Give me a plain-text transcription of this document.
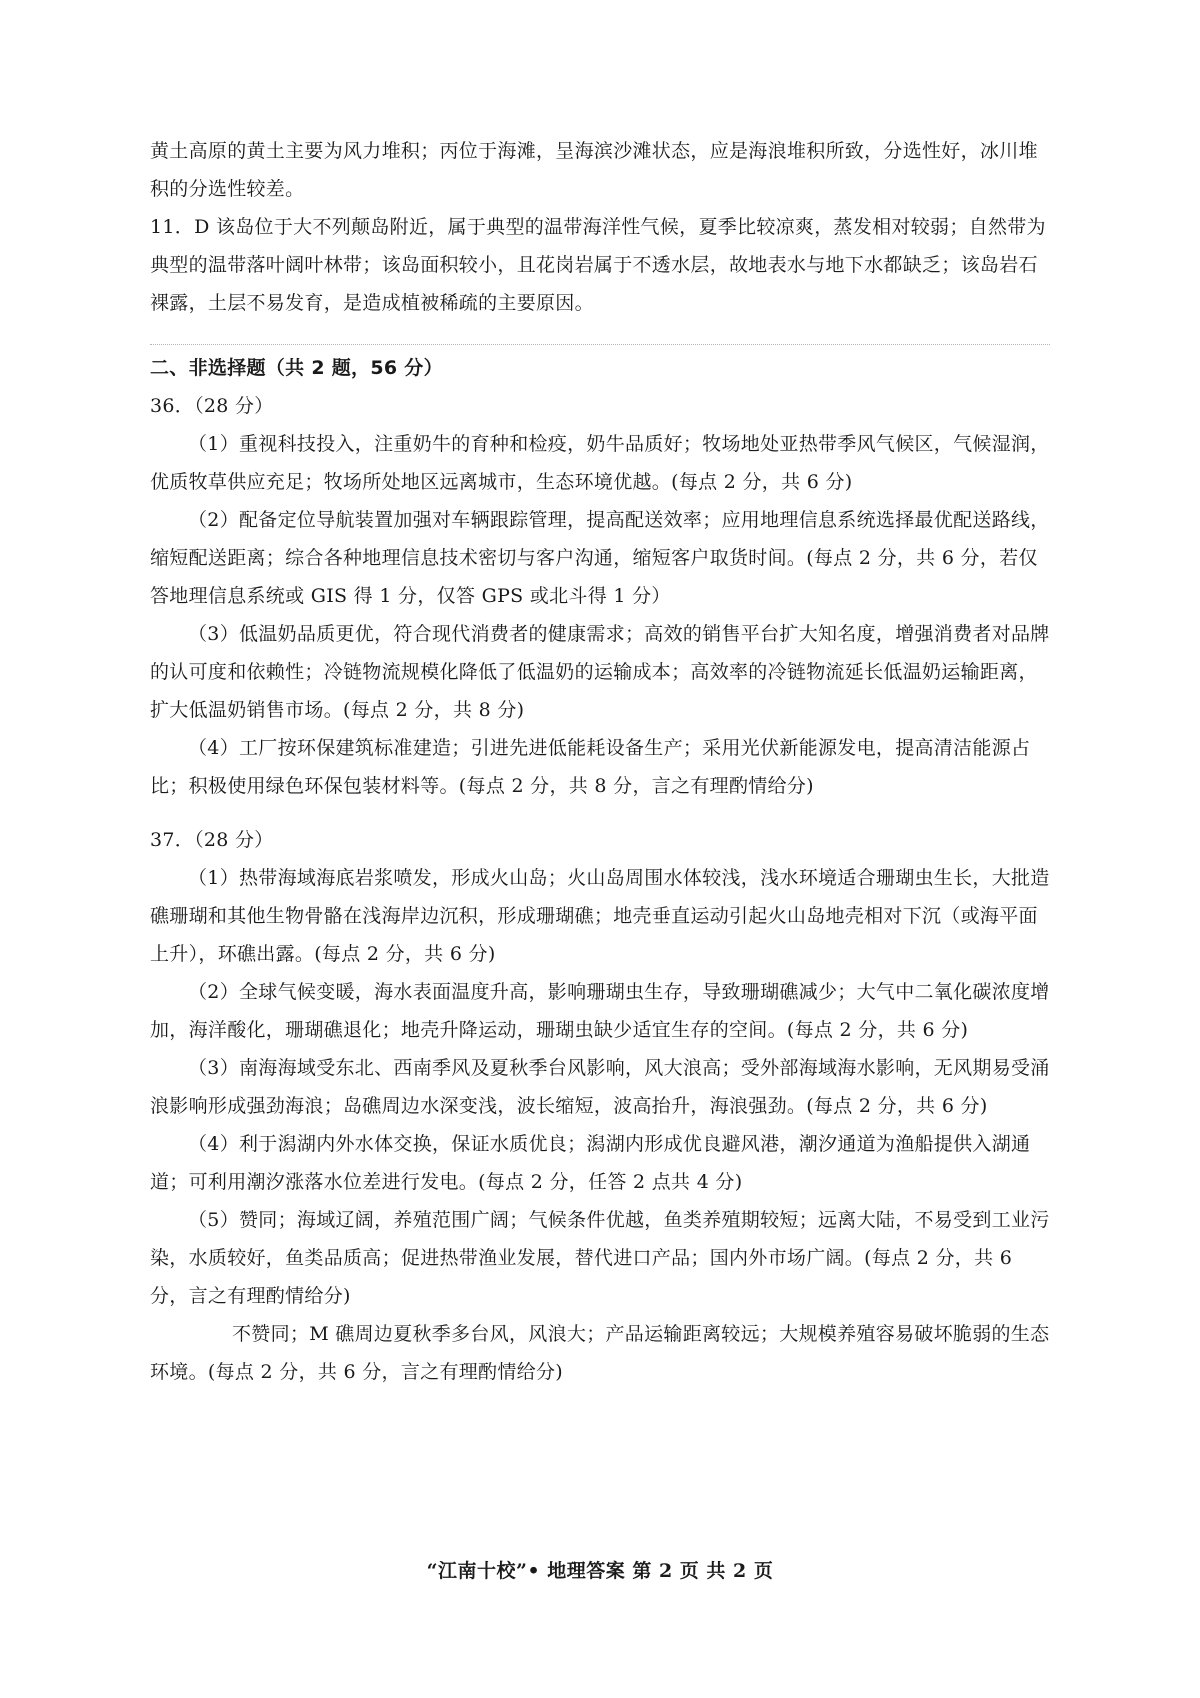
黄土高原的黄土主要为风力堆积；丙位于海滩，呈海滨沙滩状态，应是海浪堆积所致，分选性好，冰川堆积的分选性较差。

11．D 该岛位于大不列颠岛附近，属于典型的温带海洋性气候，夏季比较凉爽，蒸发相对较弱；自然带为典型的温带落叶阔叶林带；该岛面积较小，且花岗岩属于不透水层，故地表水与地下水都缺乏；该岛岩石裸露，土层不易发育，是造成植被稀疏的主要原因。

二、非选择题（共 2 题，56 分）

36．（28 分）

（1）重视科技投入，注重奶牛的育种和检疫，奶牛品质好；牧场地处亚热带季风气候区，气候湿润，优质牧草供应充足；牧场所处地区远离城市，生态环境优越。(每点 2 分，共 6 分)

（2）配备定位导航装置加强对车辆跟踪管理，提高配送效率；应用地理信息系统选择最优配送路线，缩短配送距离；综合各种地理信息技术密切与客户沟通，缩短客户取货时间。(每点 2 分，共 6 分，若仅答地理信息系统或 GIS 得 1 分，仅答 GPS 或北斗得 1 分）

（3）低温奶品质更优，符合现代消费者的健康需求；高效的销售平台扩大知名度，增强消费者对品牌的认可度和依赖性；冷链物流规模化降低了低温奶的运输成本；高效率的冷链物流延长低温奶运输距离，扩大低温奶销售市场。(每点 2 分，共 8 分)

（4）工厂按环保建筑标准建造；引进先进低能耗设备生产；采用光伏新能源发电，提高清洁能源占比；积极使用绿色环保包装材料等。(每点 2 分，共 8 分，言之有理酌情给分)

37．（28 分）

（1）热带海域海底岩浆喷发，形成火山岛；火山岛周围水体较浅，浅水环境适合珊瑚虫生长，大批造礁珊瑚和其他生物骨骼在浅海岸边沉积，形成珊瑚礁；地壳垂直运动引起火山岛地壳相对下沉（或海平面上升），环礁出露。(每点 2 分，共 6 分)

（2）全球气候变暖，海水表面温度升高，影响珊瑚虫生存，导致珊瑚礁减少；大气中二氧化碳浓度增加，海洋酸化，珊瑚礁退化；地壳升降运动，珊瑚虫缺少适宜生存的空间。(每点 2 分，共 6 分)

（3）南海海域受东北、西南季风及夏秋季台风影响，风大浪高；受外部海域海水影响，无风期易受涌浪影响形成强劲海浪；岛礁周边水深变浅，波长缩短，波高抬升，海浪强劲。(每点 2 分，共 6 分)

（4）利于潟湖内外水体交换，保证水质优良；潟湖内形成优良避风港，潮汐通道为渔船提供入湖通道；可利用潮汐涨落水位差进行发电。(每点 2 分，任答 2 点共 4 分)

（5）赞同；海域辽阔，养殖范围广阔；气候条件优越，鱼类养殖期较短；远离大陆，不易受到工业污染，水质较好，鱼类品质高；促进热带渔业发展，替代进口产品；国内外市场广阔。(每点 2 分，共 6 分，言之有理酌情给分)

不赞同；M 礁周边夏秋季多台风，风浪大；产品运输距离较远；大规模养殖容易破坏脆弱的生态环境。(每点 2 分，共 6 分，言之有理酌情给分)

“江南十校”• 地理答案 第 2 页 共 2 页
